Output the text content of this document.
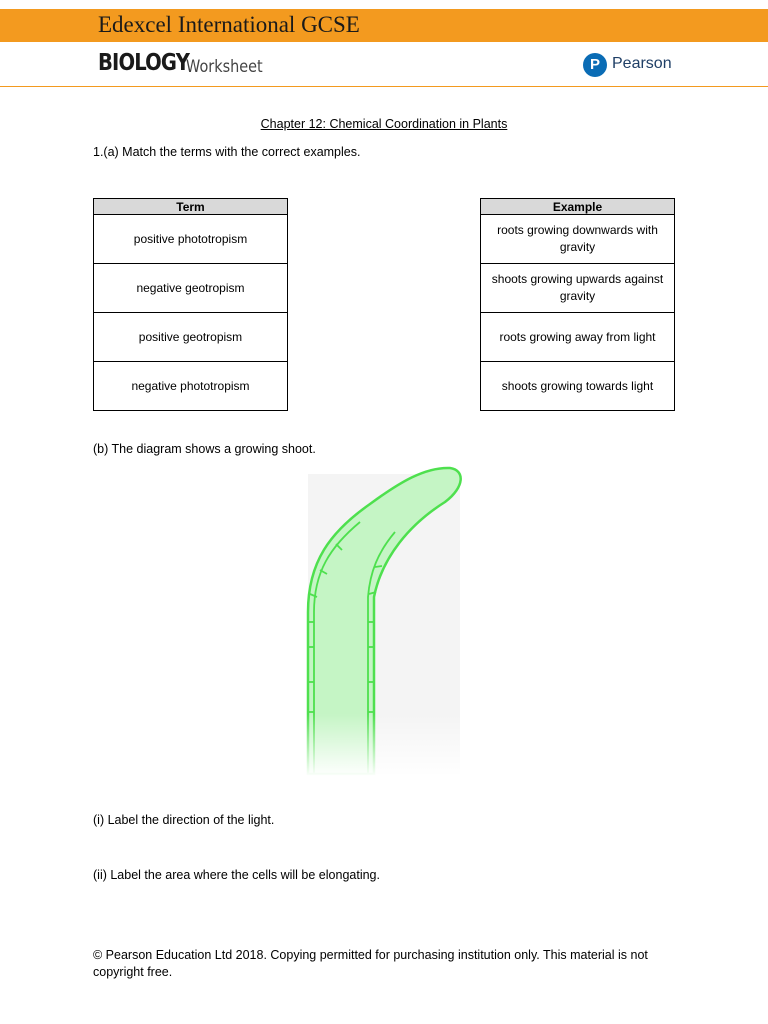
Edexcel International GCSE
BIOLOGY
Worksheet	P Pearson
Chapter 12: Chemical Coordination in Plants
1.(a) Match the terms with the correct examples.
Term
positive phototropism
negative geotropism
positive geotropism
negative phototropism
Example
roots growing downwards with gravity
shoots growing upwards against gravity
roots growing away from light
shoots growing towards light
(b) The diagram shows a growing shoot.
(i) Label the direction of the light.
(ii) Label the area where the cells will be elongating.
© Pearson Education Ltd 2018. Copying permitted for purchasing institution only. This material is not copyright free.
